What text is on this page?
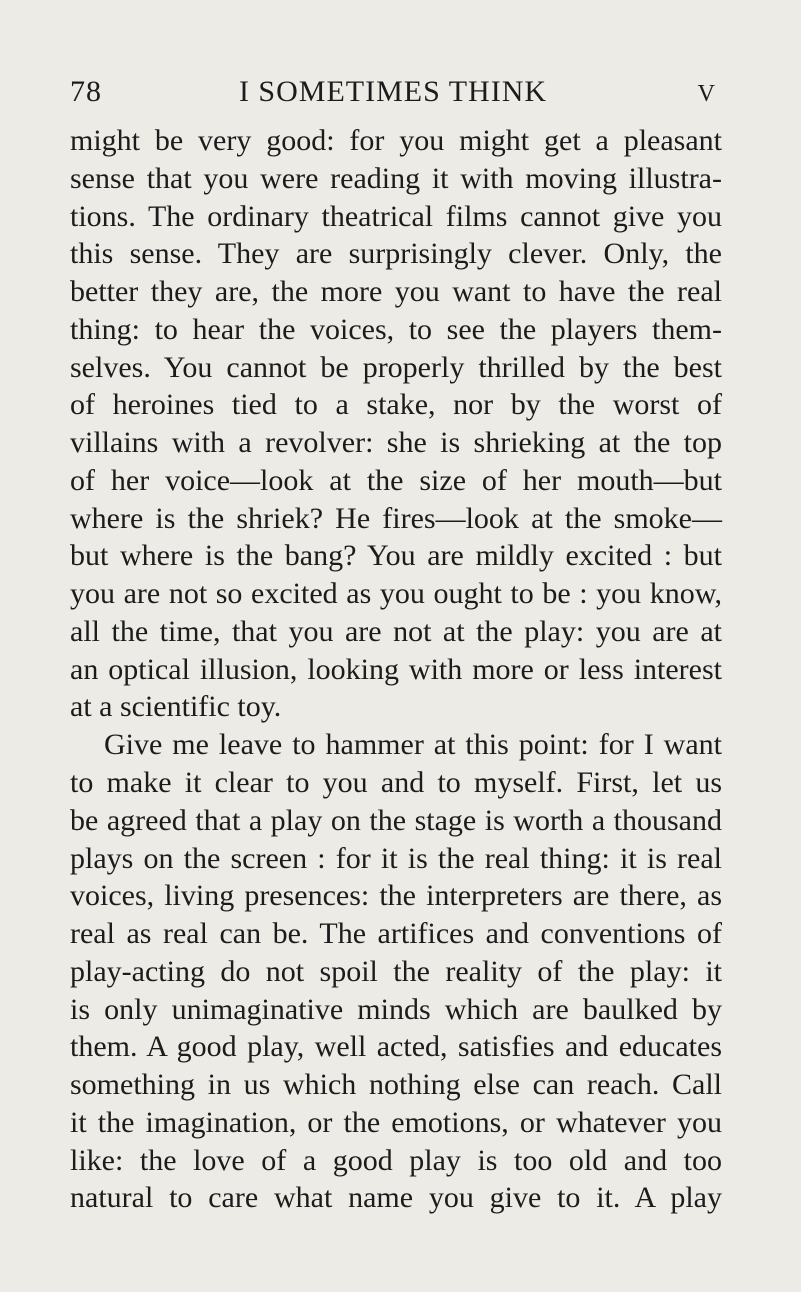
78	I SOMETIMES THINK	V
might be very good: for you might get a pleasant
sense that you were reading it with moving illustra-
tions. The ordinary theatrical films cannot give you
this sense. They are surprisingly clever. Only, the
better they are, the more you want to have the real
thing: to hear the voices, to see the players them-
selves. You cannot be properly thrilled by the best
of heroines tied to a stake, nor by the worst of
villains with a revolver: she is shrieking at the top
of her voice—look at the size of her mouth—but
where is the shriek? He fires—look at the smoke—
but where is the bang? You are mildly excited : but
you are not so excited as you ought to be : you know,
all the time, that you are not at the play: you are at
an optical illusion, looking with more or less interest
at a scientific toy.
Give me leave to hammer at this point: for I want
to make it clear to you and to myself. First, let us
be agreed that a play on the stage is worth a thousand
plays on the screen : for it is the real thing: it is real
voices, living presences: the interpreters are there, as
real as real can be. The artifices and conventions of
play-acting do not spoil the reality of the play: it
is only unimaginative minds which are baulked by
them. A good play, well acted, satisfies and educates
something in us which nothing else can reach. Call
it the imagination, or the emotions, or whatever you
like: the love of a good play is too old and too
natural to care what name you give to it. A play
